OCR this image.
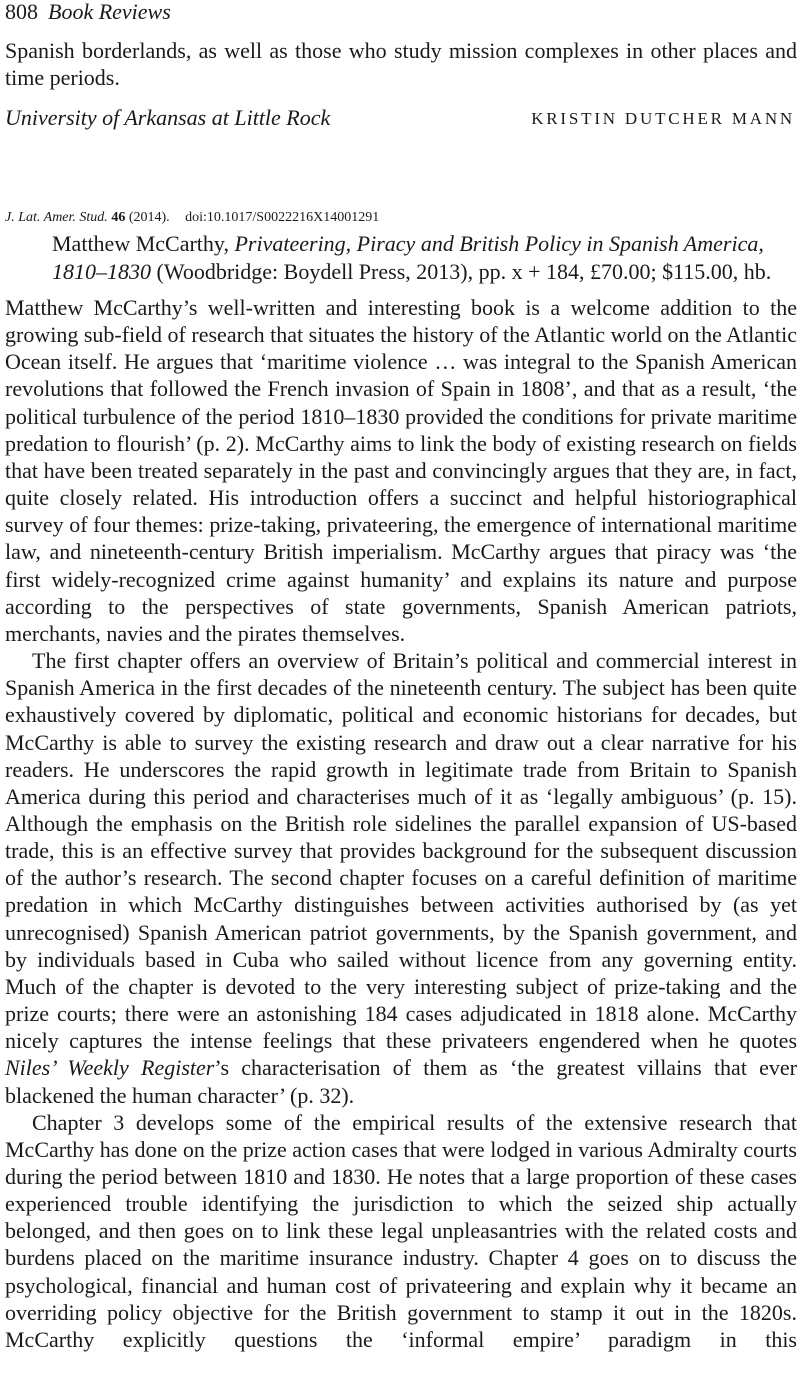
808 Book Reviews
Spanish borderlands, as well as those who study mission complexes in other places and time periods.
University of Arkansas at Little Rock	KRISTIN DUTCHER MANN
J. Lat. Amer. Stud. 46 (2014). doi:10.1017/S0022216X14001291
Matthew McCarthy, Privateering, Piracy and British Policy in Spanish America,
1810–1830 (Woodbridge: Boydell Press, 2013), pp. x + 184, £70.00; $115.00, hb.

Matthew McCarthy’s well-written and interesting book is a welcome addition to the growing sub-field of research that situates the history of the Atlantic world on the Atlantic Ocean itself. He argues that ‘maritime violence … was integral to the Spanish American revolutions that followed the French invasion of Spain in 1808’, and that as a result, ‘the political turbulence of the period 1810–1830 provided the conditions for private maritime predation to flourish’ (p. 2). McCarthy aims to link the body of existing research on fields that have been treated separately in the past and convincingly argues that they are, in fact, quite closely related. His introduction offers a succinct and helpful historiographical survey of four themes: prize-taking, privateering, the emergence of international maritime law, and nineteenth-century British imperialism. McCarthy argues that piracy was ‘the first widely-recognized crime against humanity’ and explains its nature and purpose according to the perspectives of state governments, Spanish American patriots, merchants, navies and the pirates themselves.

The first chapter offers an overview of Britain’s political and commercial interest in Spanish America in the first decades of the nineteenth century. The subject has been quite exhaustively covered by diplomatic, political and economic historians for decades, but McCarthy is able to survey the existing research and draw out a clear narrative for his readers. He underscores the rapid growth in legitimate trade from Britain to Spanish America during this period and characterises much of it as ‘legally ambiguous’ (p. 15). Although the emphasis on the British role sidelines the parallel expansion of US-based trade, this is an effective survey that provides background for the subsequent discussion of the author’s research. The second chapter focuses on a careful definition of maritime predation in which McCarthy distinguishes between activities authorised by (as yet unrecognised) Spanish American patriot governments, by the Spanish government, and by individuals based in Cuba who sailed without licence from any governing entity. Much of the chapter is devoted to the very interesting subject of prize-taking and the prize courts; there were an astonishing 184 cases adjudicated in 1818 alone. McCarthy nicely captures the intense feelings that these privateers engendered when he quotes Niles’ Weekly Register’s characterisation of them as ‘the greatest villains that ever blackened the human character’ (p. 32).

Chapter 3 develops some of the empirical results of the extensive research that McCarthy has done on the prize action cases that were lodged in various Admiralty courts during the period between 1810 and 1830. He notes that a large proportion of these cases experienced trouble identifying the jurisdiction to which the seized ship actually belonged, and then goes on to link these legal unpleasantries with the related costs and burdens placed on the maritime insurance industry. Chapter 4 goes on to discuss the psychological, financial and human cost of privateering and explain why it became an overriding policy objective for the British government to stamp it out in the 1820s. McCarthy explicitly questions the ‘informal empire’ paradigm in this
